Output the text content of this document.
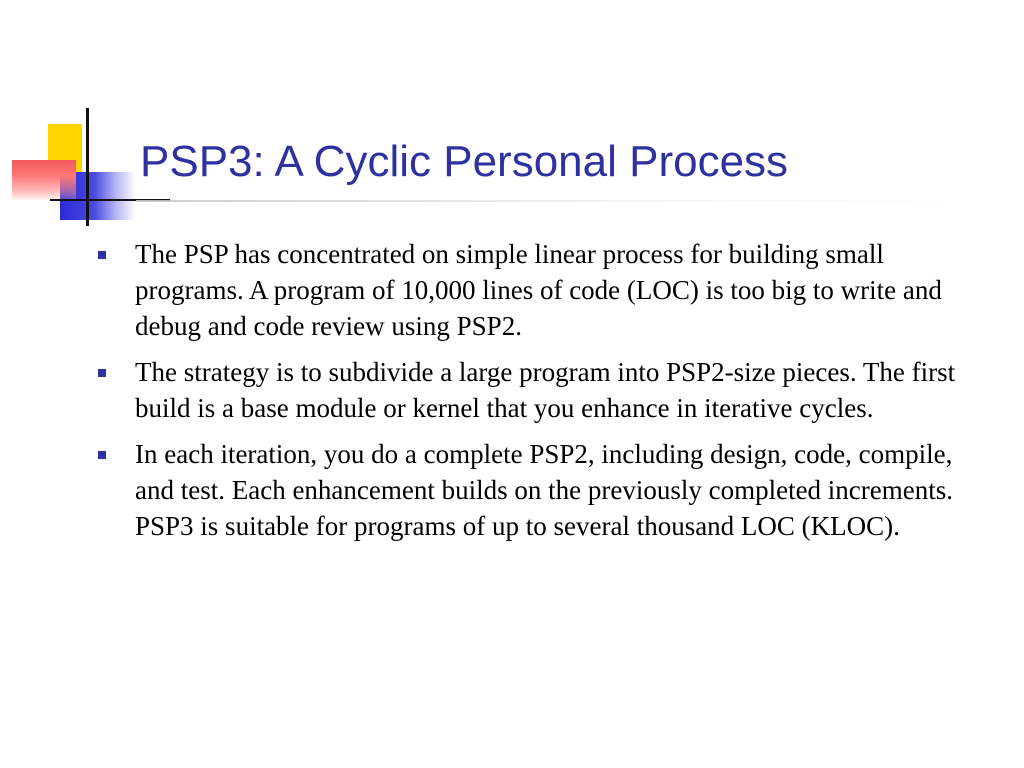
PSP3: A Cyclic Personal Process
The PSP has concentrated on simple linear process for building small programs. A program of 10,000 lines of code (LOC) is too big to write and debug and code review using PSP2.
The strategy is to subdivide a large program into PSP2-size pieces. The first build is a base module or kernel that you enhance in iterative cycles.
In each iteration, you do a complete PSP2, including design, code, compile, and test. Each enhancement builds on the previously completed increments. PSP3 is suitable for programs of up to several thousand LOC (KLOC).
